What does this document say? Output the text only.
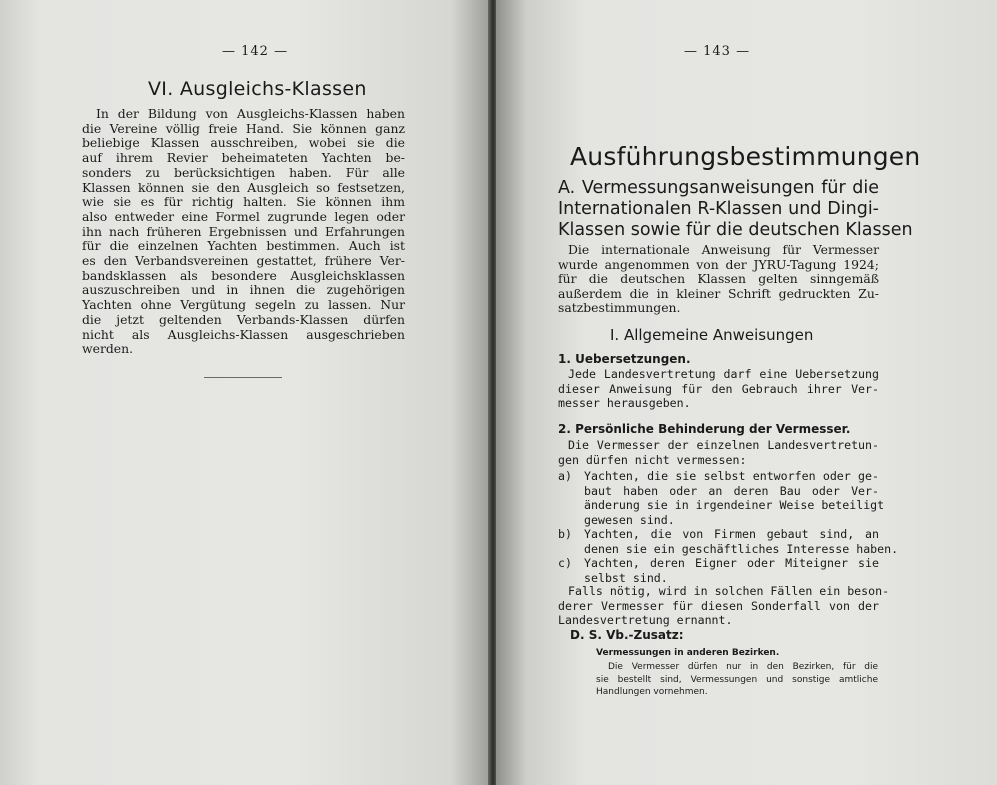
— 142 —
VI. Ausgleichs-Klassen
In der Bildung von Ausgleichs-Klassen haben
die Vereine völlig freie Hand. Sie können ganz
beliebige Klassen ausschreiben, wobei sie die
auf ihrem Revier beheimateten Yachten be-
sonders zu berücksichtigen haben. Für alle
Klassen können sie den Ausgleich so festsetzen,
wie sie es für richtig halten. Sie können ihm
also entweder eine Formel zugrunde legen oder
ihn nach früheren Ergebnissen und Erfahrungen
für die einzelnen Yachten bestimmen. Auch ist
es den Verbandsvereinen gestattet, frühere Ver-
bandsklassen als besondere Ausgleichsklassen
auszuschreiben und in ihnen die zugehörigen
Yachten ohne Vergütung segeln zu lassen. Nur
die jetzt geltenden Verbands-Klassen dürfen
nicht als Ausgleichs-Klassen ausgeschrieben
werden.
— 143 —
Ausführungsbestimmungen
A. Vermessungsanweisungen für die
Internationalen R-Klassen und Dingi-
Klassen sowie für die deutschen Klassen
Die internationale Anweisung für Vermesser
wurde angenommen von der JYRU-Tagung 1924;
für die deutschen Klassen gelten sinngemäß
außerdem die in kleiner Schrift gedruckten Zu-
satzbestimmungen.
I. Allgemeine Anweisungen
1. Uebersetzungen.
Jede Landesvertretung darf eine Uebersetzung
dieser Anweisung für den Gebrauch ihrer Ver-
messer herausgeben.
2. Persönliche Behinderung der Vermesser.
Die Vermesser der einzelnen Landesvertretun-
gen dürfen nicht vermessen:
a) Yachten, die sie selbst entworfen oder ge-
baut haben oder an deren Bau oder Ver-
änderung sie in irgendeiner Weise beteiligt
gewesen sind.
b) Yachten, die von Firmen gebaut sind, an
denen sie ein geschäftliches Interesse haben.
c) Yachten, deren Eigner oder Miteigner sie
selbst sind.
Falls nötig, wird in solchen Fällen ein beson-
derer Vermesser für diesen Sonderfall von der
Landesvertretung ernannt.
D. S. Vb.-Zusatz:
Vermessungen in anderen Bezirken.
Die Vermesser dürfen nur in den Bezirken, für die
sie bestellt sind, Vermessungen und sonstige amtliche
Handlungen vornehmen.
